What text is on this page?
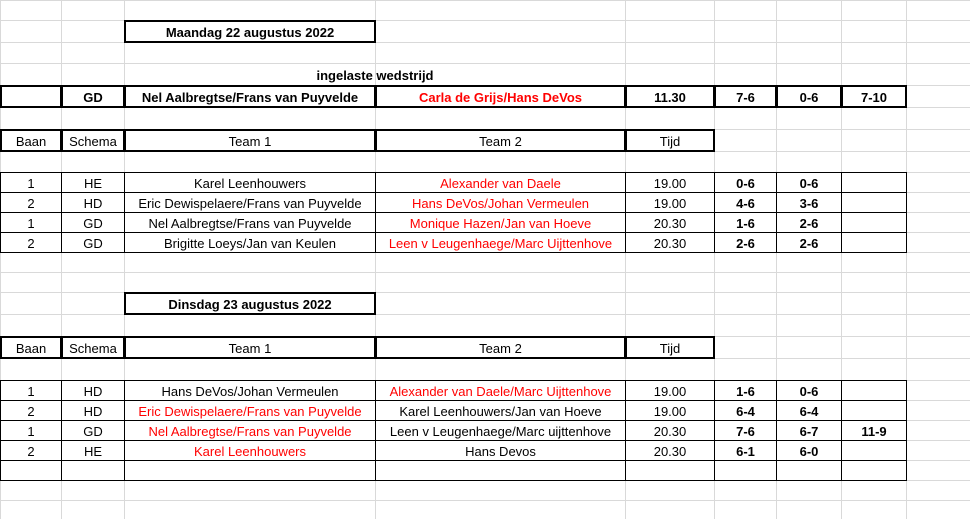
Maandag 22 augustus 2022
ingelaste wedstrijd
GD	Nel Aalbregtse/Frans van Puyvelde	Carla de Grijs/Hans DeVos	11.30	7-6	0-6	7-10
Baan	Schema	Team 1	Team 2	Tijd
1	HE	Karel Leenhouwers	Alexander van Daele	19.00	0-6	0-6
2	HD	Eric Dewispelaere/Frans van Puyvelde	Hans DeVos/Johan Vermeulen	19.00	4-6	3-6
1	GD	Nel Aalbregtse/Frans van Puyvelde	Monique Hazen/Jan van Hoeve	20.30	1-6	2-6
2	GD	Brigitte Loeys/Jan van Keulen	Leen v Leugenhaege/Marc Uijttenhove	20.30	2-6	2-6
Dinsdag 23 augustus 2022
Baan	Schema	Team 1	Team 2	Tijd
1	HD	Hans DeVos/Johan Vermeulen	Alexander van Daele/Marc Uijttenhove	19.00	1-6	0-6
2	HD	Eric Dewispelaere/Frans van Puyvelde	Karel Leenhouwers/Jan van Hoeve	19.00	6-4	6-4
1	GD	Nel Aalbregtse/Frans van Puyvelde	Leen v Leugenhaege/Marc uijttenhove	20.30	7-6	6-7	11-9
2	HE	Karel Leenhouwers	Hans Devos	20.30	6-1	6-0
